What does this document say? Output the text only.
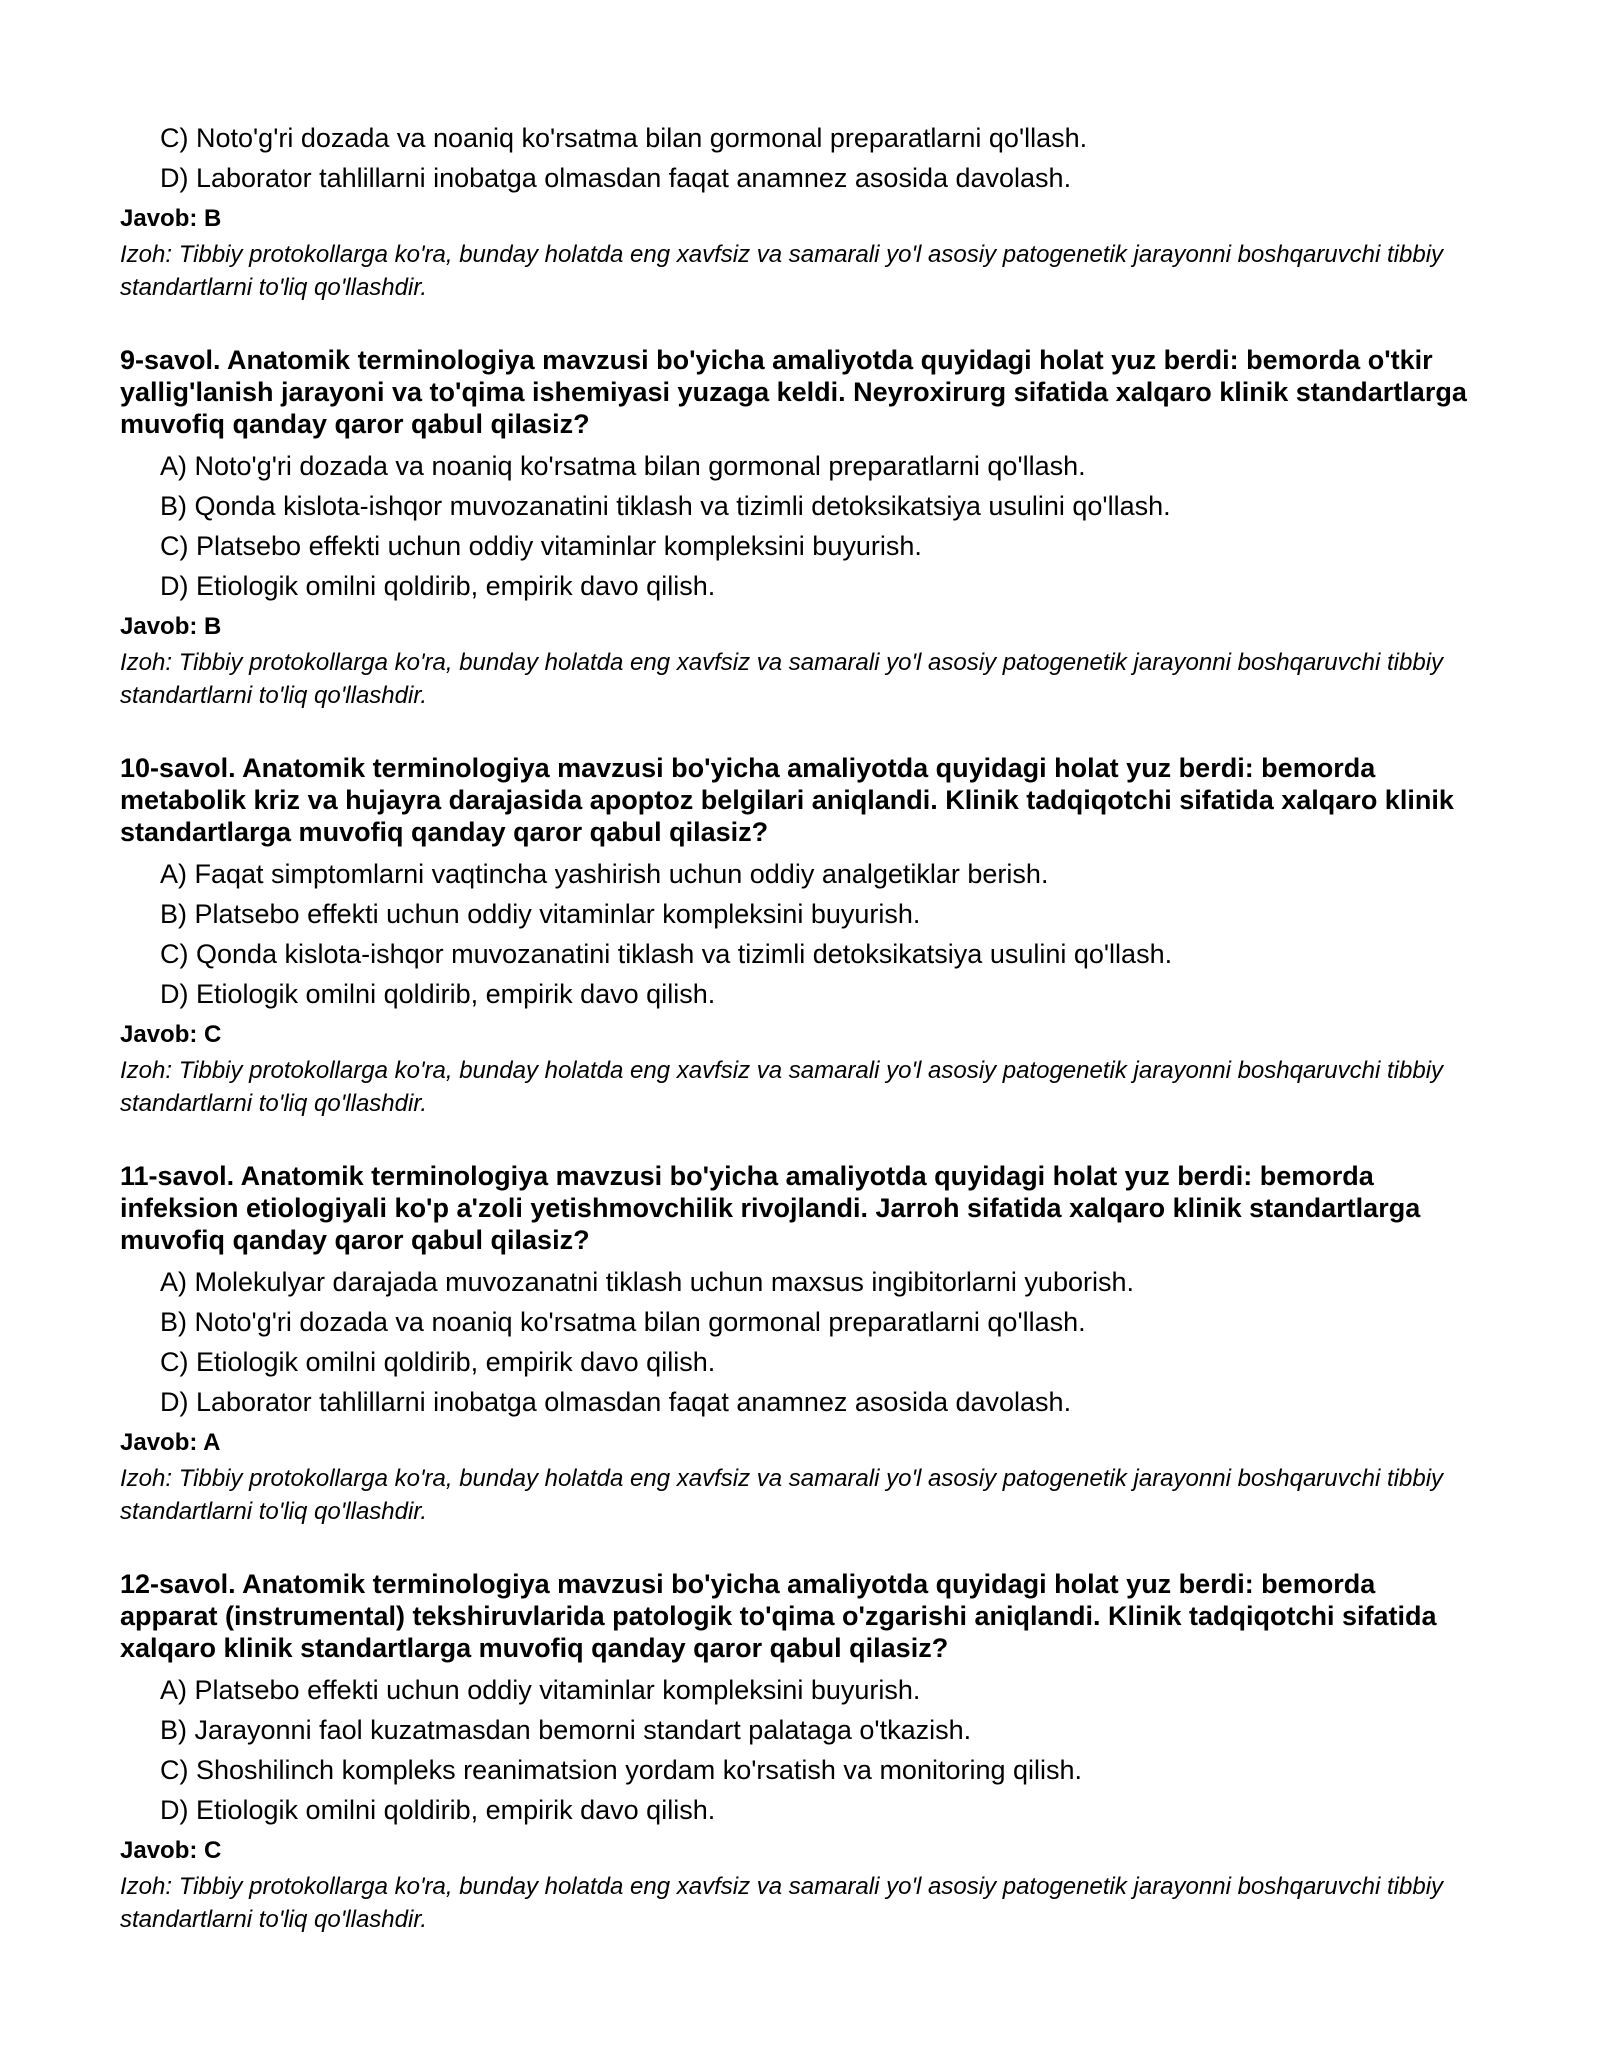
C) Noto'g'ri dozada va noaniq ko'rsatma bilan gormonal preparatlarni qo'llash.
D) Laborator tahlillarni inobatga olmasdan faqat anamnez asosida davolash.
Javob: B
Izoh: Tibbiy protokollarga ko'ra, bunday holatda eng xavfsiz va samarali yo'l asosiy patogenetik jarayonni boshqaruvchi tibbiy standartlarni to'liq qo'llashdir.
9-savol. Anatomik terminologiya mavzusi bo'yicha amaliyotda quyidagi holat yuz berdi: bemorda o'tkir yallig'lanish jarayoni va to'qima ishemiyasi yuzaga keldi. Neyroxirurg sifatida xalqaro klinik standartlarga muvofiq qanday qaror qabul qilasiz?
A) Noto'g'ri dozada va noaniq ko'rsatma bilan gormonal preparatlarni qo'llash.
B) Qonda kislota-ishqor muvozanatini tiklash va tizimli detoksikatsiya usulini qo'llash.
C) Platsebo effekti uchun oddiy vitaminlar kompleksini buyurish.
D) Etiologik omilni qoldirib, empirik davo qilish.
Javob: B
Izoh: Tibbiy protokollarga ko'ra, bunday holatda eng xavfsiz va samarali yo'l asosiy patogenetik jarayonni boshqaruvchi tibbiy standartlarni to'liq qo'llashdir.
10-savol. Anatomik terminologiya mavzusi bo'yicha amaliyotda quyidagi holat yuz berdi: bemorda metabolik kriz va hujayra darajasida apoptoz belgilari aniqlandi. Klinik tadqiqotchi sifatida xalqaro klinik standartlarga muvofiq qanday qaror qabul qilasiz?
A) Faqat simptomlarni vaqtincha yashirish uchun oddiy analgetiklar berish.
B) Platsebo effekti uchun oddiy vitaminlar kompleksini buyurish.
C) Qonda kislota-ishqor muvozanatini tiklash va tizimli detoksikatsiya usulini qo'llash.
D) Etiologik omilni qoldirib, empirik davo qilish.
Javob: C
Izoh: Tibbiy protokollarga ko'ra, bunday holatda eng xavfsiz va samarali yo'l asosiy patogenetik jarayonni boshqaruvchi tibbiy standartlarni to'liq qo'llashdir.
11-savol. Anatomik terminologiya mavzusi bo'yicha amaliyotda quyidagi holat yuz berdi: bemorda infeksion etiologiyali ko'p a'zoli yetishmovchilik rivojlandi. Jarroh sifatida xalqaro klinik standartlarga muvofiq qanday qaror qabul qilasiz?
A) Molekulyar darajada muvozanatni tiklash uchun maxsus ingibitorlarni yuborish.
B) Noto'g'ri dozada va noaniq ko'rsatma bilan gormonal preparatlarni qo'llash.
C) Etiologik omilni qoldirib, empirik davo qilish.
D) Laborator tahlillarni inobatga olmasdan faqat anamnez asosida davolash.
Javob: A
Izoh: Tibbiy protokollarga ko'ra, bunday holatda eng xavfsiz va samarali yo'l asosiy patogenetik jarayonni boshqaruvchi tibbiy standartlarni to'liq qo'llashdir.
12-savol. Anatomik terminologiya mavzusi bo'yicha amaliyotda quyidagi holat yuz berdi: bemorda apparat (instrumental) tekshiruvlarida patologik to'qima o'zgarishi aniqlandi. Klinik tadqiqotchi sifatida xalqaro klinik standartlarga muvofiq qanday qaror qabul qilasiz?
A) Platsebo effekti uchun oddiy vitaminlar kompleksini buyurish.
B) Jarayonni faol kuzatmasdan bemorni standart palataga o'tkazish.
C) Shoshilinch kompleks reanimatsion yordam ko'rsatish va monitoring qilish.
D) Etiologik omilni qoldirib, empirik davo qilish.
Javob: C
Izoh: Tibbiy protokollarga ko'ra, bunday holatda eng xavfsiz va samarali yo'l asosiy patogenetik jarayonni boshqaruvchi tibbiy standartlarni to'liq qo'llashdir.
